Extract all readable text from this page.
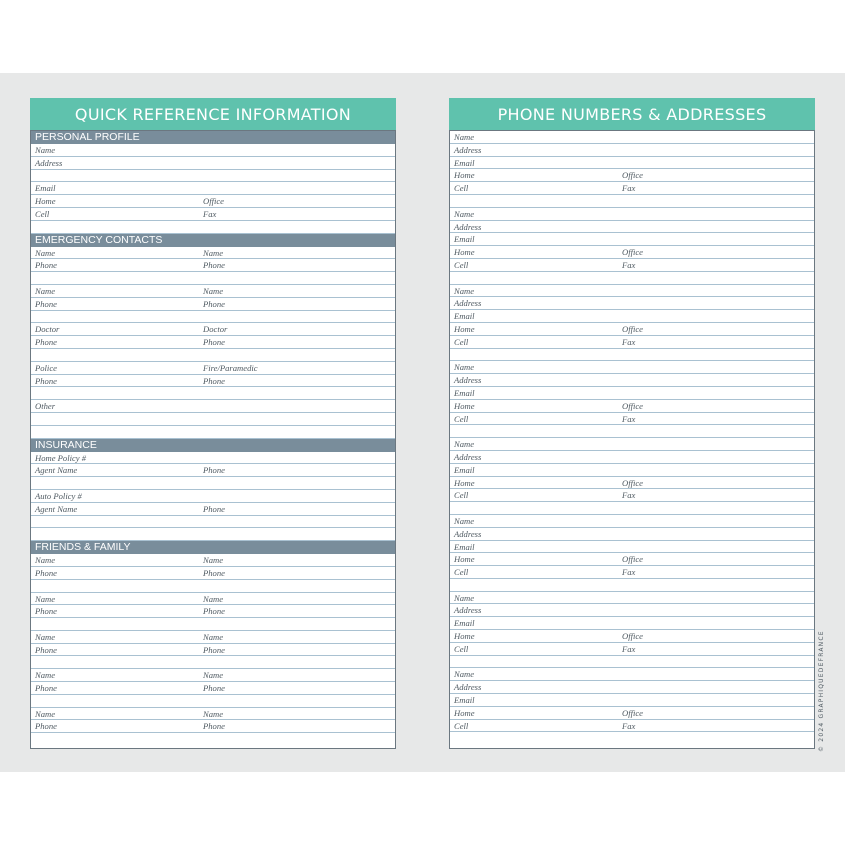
PERSONAL PROFILE
Name
Address
Email
Home	Office
Cell	Fax
EMERGENCY CONTACTS
Name	Name
Phone	Phone
Name	Name
Phone	Phone
Doctor	Doctor
Phone	Phone
Police	Fire/Paramedic
Phone	Phone
Other
INSURANCE
Home Policy #
Agent Name	Phone
Auto Policy #
Agent Name	Phone
FRIENDS & FAMILY
Name	Name
Phone	Phone
Name	Name
Phone	Phone
Name	Name
Phone	Phone
Name	Name
Phone	Phone
Name	Name
Phone	Phone
QUICK REFERENCE INFORMATION
Name
Address
Email
Home	Office
Cell	Fax
Name
Address
Email
Home	Office
Cell	Fax
Name
Address
Email
Home	Office
Cell	Fax
Name
Address
Email
Home	Office
Cell	Fax
Name
Address
Email
Home	Office
Cell	Fax
Name
Address
Email
Home	Office
Cell	Fax
Name
Address
Email
Home	Office
Cell	Fax
Name
Address
Email
Home	Office
Cell	Fax
PHONE NUMBERS & ADDRESSES
© 2024 GRAPHIQUEDEFRANCE
